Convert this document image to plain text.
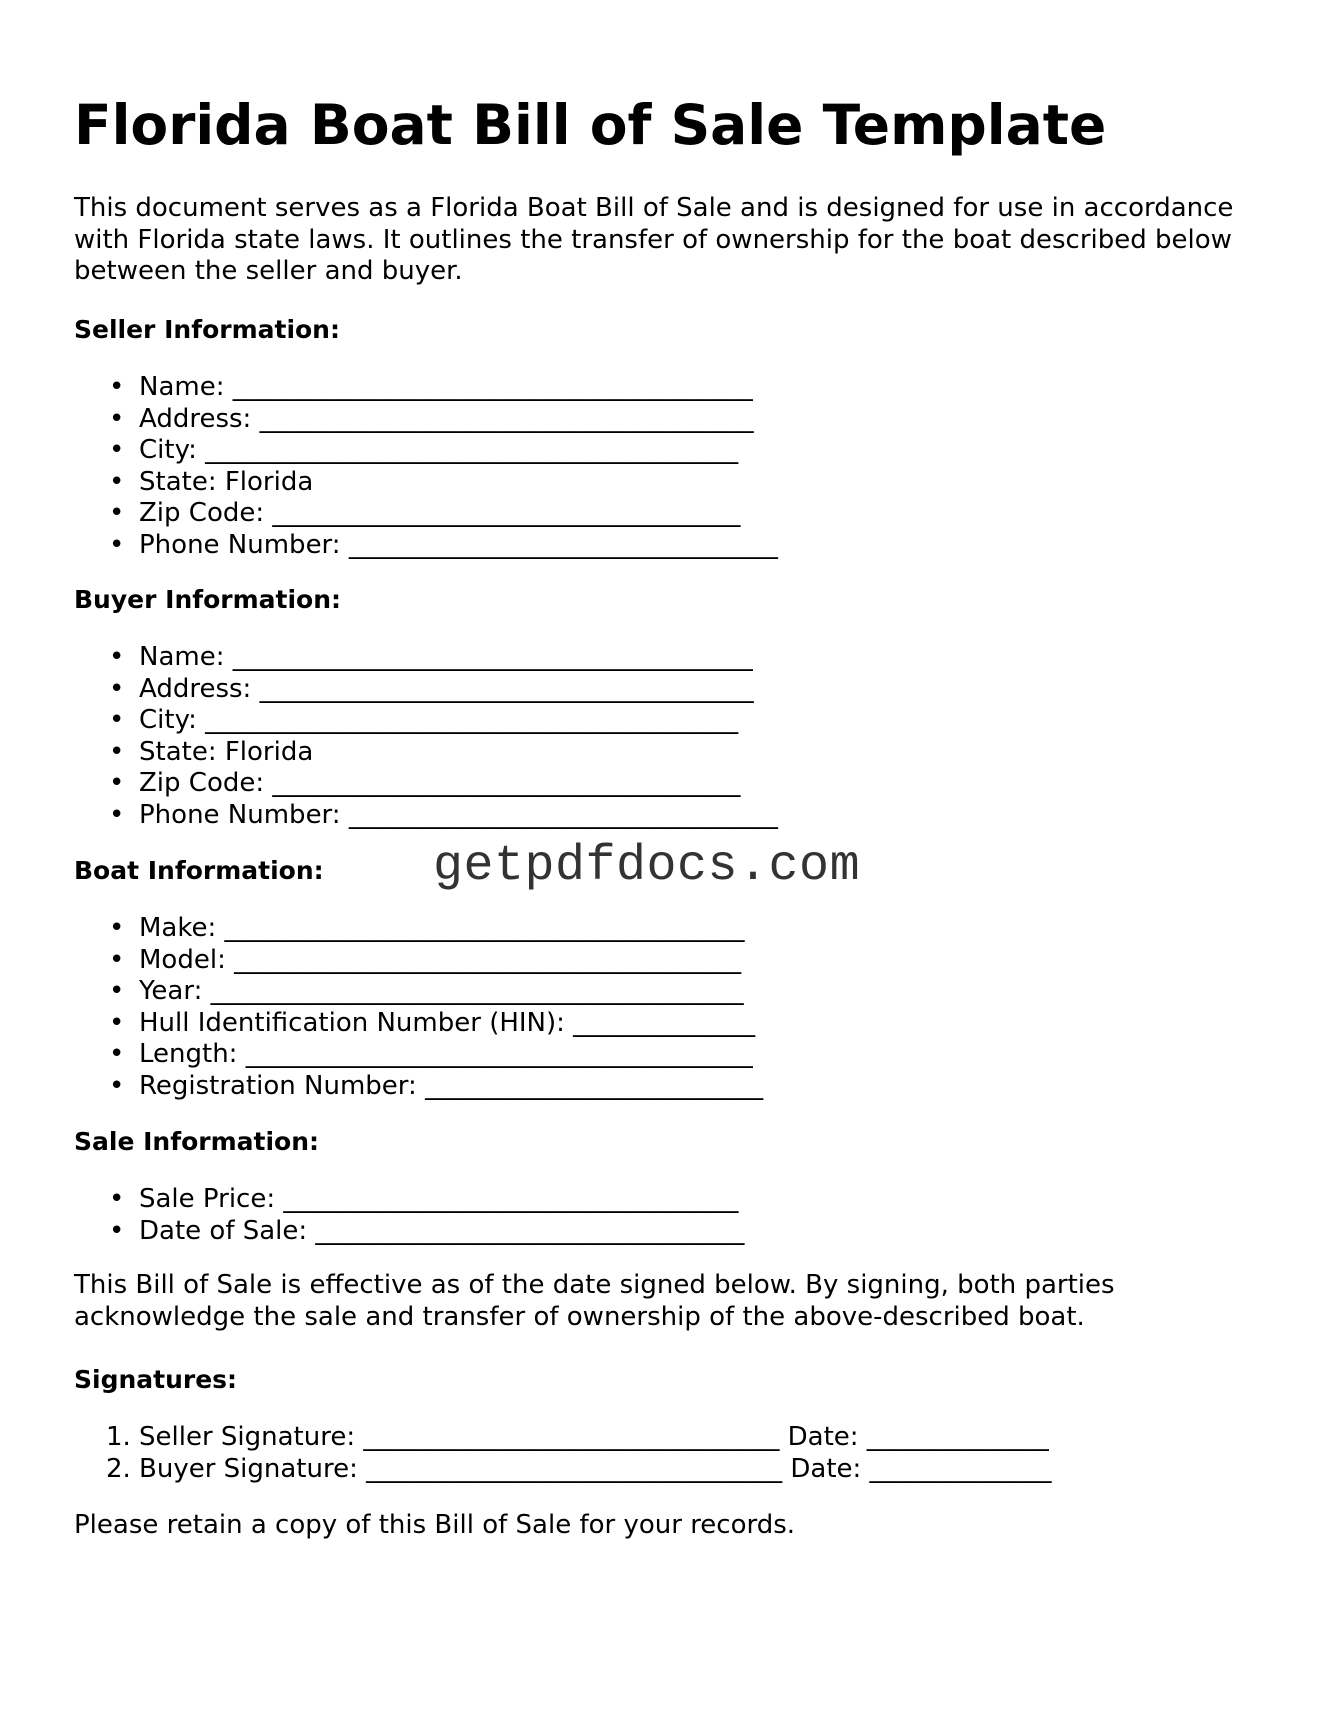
Florida Boat Bill of Sale Template

This document serves as a Florida Boat Bill of Sale and is designed for use in accordance
with Florida state laws. It outlines the transfer of ownership for the boat described below
between the seller and buyer.

Seller Information:
• Name: ________________________________________
• Address: ______________________________________
• City: _________________________________________
• State: Florida
• Zip Code: ____________________________________
• Phone Number: _________________________________
Buyer Information:
• Name: ________________________________________
• Address: ______________________________________
• City: _________________________________________
• State: Florida
• Zip Code: ____________________________________
• Phone Number: _________________________________
Boat Information: getpdfdocs.com
• Make: ________________________________________
• Model: _______________________________________
• Year: _________________________________________
• Hull Identification Number (HIN): ______________
• Length: _______________________________________
• Registration Number: __________________________
Sale Information:
• Sale Price: ___________________________________
• Date of Sale: _________________________________

This Bill of Sale is effective as of the date signed below. By signing, both parties
acknowledge the sale and transfer of ownership of the above-described boat.

Signatures:
1. Seller Signature: ________________________________ Date: ______________
2. Buyer Signature: ________________________________ Date: ______________

Please retain a copy of this Bill of Sale for your records.
